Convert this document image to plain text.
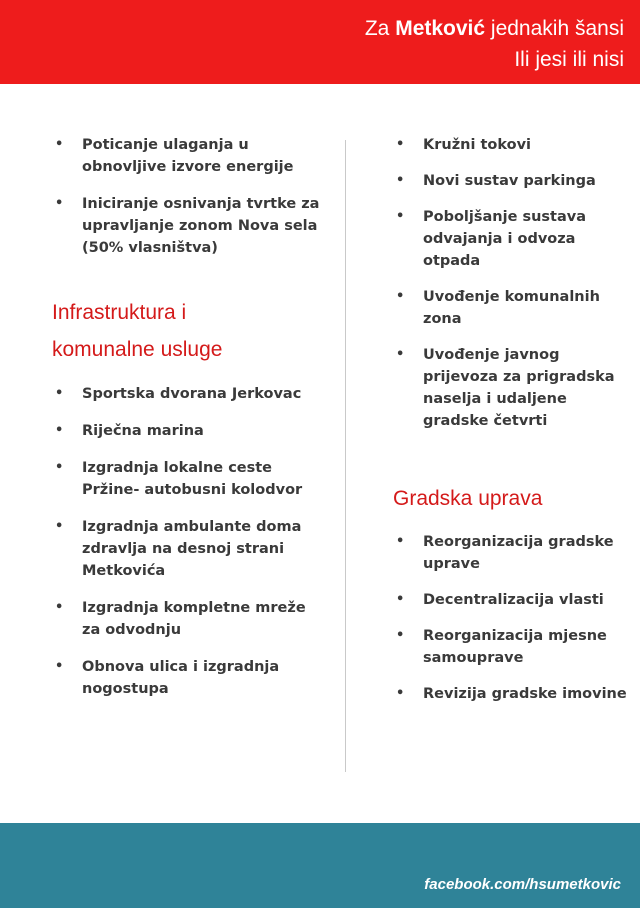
Za Metković jednakih šansi
Ili jesi ili nisi
• Poticanje ulaganja u obnovljive izvore energije
• Iniciranje osnivanja tvrtke za upravljanje zonom Nova sela (50% vlasništva)
Infrastruktura i
komunalne usluge
• Sportska dvorana Jerkovac
• Riječna marina
• Izgradnja lokalne ceste Pržine- autobusni kolodvor
• Izgradnja ambulante doma zdravlja na desnoj strani Metkovića
• Izgradnja kompletne mreže za odvodnju
• Obnova ulica i izgradnja nogostupa
• Kružni tokovi
• Novi sustav parkinga
• Poboljšanje sustava odvajanja i odvoza otpada
• Uvođenje komunalnih zona
• Uvođenje javnog prijevoza za prigradska naselja i udaljene gradske četvrti
Gradska uprava
• Reorganizacija gradske uprave
• Decentralizacija vlasti
• Reorganizacija mjesne samouprave
• Revizija gradske imovine
facebook.com/hsumetkovic
